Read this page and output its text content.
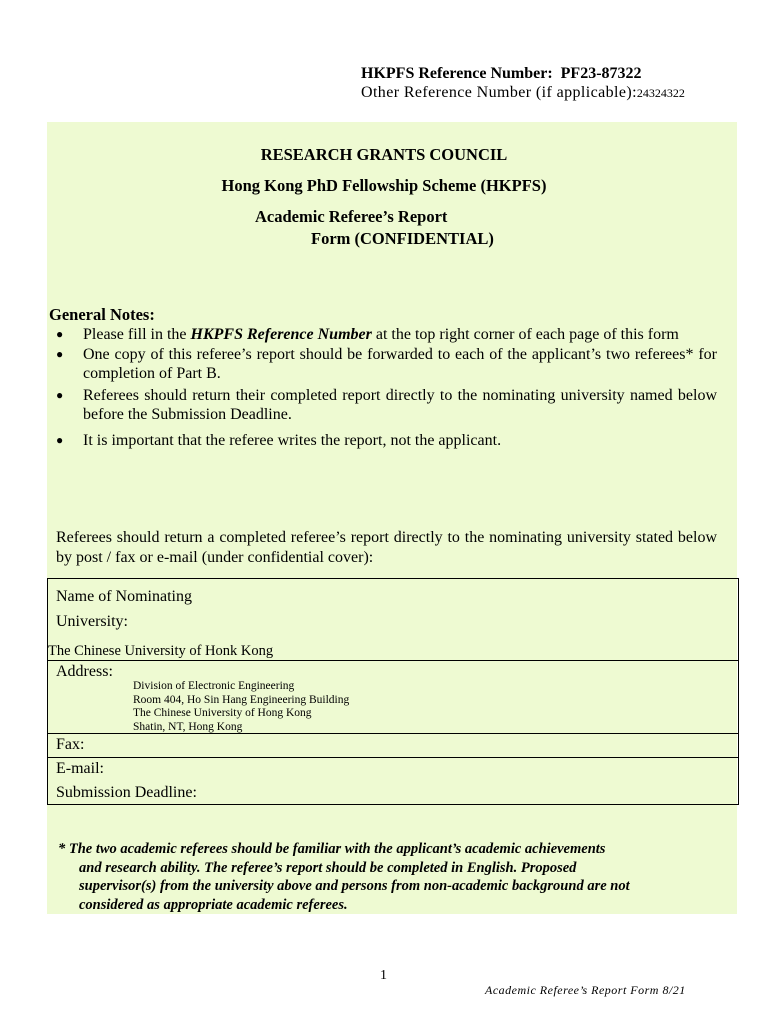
HKPFS Reference Number: PF23-87322
Other Reference Number (if applicable):24324322
RESEARCH GRANTS COUNCIL
Hong Kong PhD Fellowship Scheme (HKPFS)
Academic Referee’s Report
Form (CONFIDENTIAL)
General Notes:
● Please fill in the HKPFS Reference Number at the top right corner of each page of this form
● One copy of this referee’s report should be forwarded to each of the applicant’s two referees* for completion of Part B.
● Referees should return their completed report directly to the nominating university named below before the Submission Deadline.
● It is important that the referee writes the report, not the applicant.
Referees should return a completed referee’s report directly to the nominating university stated below by post / fax or e-mail (under confidential cover):
Name of Nominating
University:
The Chinese University of Honk Kong
Address:
Division of Electronic Engineering
Room 404, Ho Sin Hang Engineering Building
The Chinese University of Hong Kong
Shatin, NT, Hong Kong
Fax:
E-mail:
Submission Deadline:
* The two academic referees should be familiar with the applicant’s academic achievements
and research ability. The referee’s report should be completed in English. Proposed
supervisor(s) from the university above and persons from non-academic background are not
considered as appropriate academic referees.
1
Academic Referee’s Report Form 8/21
